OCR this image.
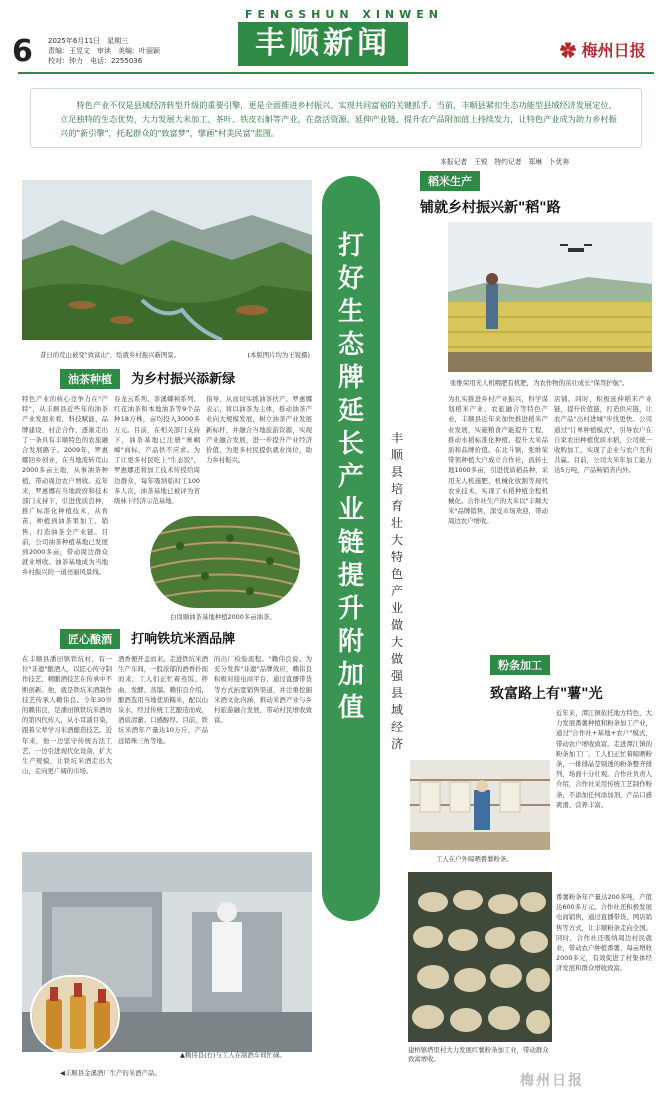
6 2025年6月11日　星期三
责编：王昱文　审读　美编：叶丽颖
校对：钟力　电话：2255036
FENGSHUN XINWEN
丰顺新闻	✿ 梅州日报
特色产业不仅是县域经济转型升级的重要引擎，更是全面推进乡村振兴、实现共同富裕的关键抓手。当前，丰顺县紧扣生态功能型县域经济发展定位，立足独特的生态优势，大力发展大米加工、茶叶、铁皮石斛等产业，在盘活资源、延伸产业链、提升农产品附加值上持续发力，让特色产业成为助力乡村振兴的"新引擎"，托起群众的"致富梦"，擘画"村美民富"蓝图。
本报记者　王锐　特约记者　郑琳　卜优奔
打好生态牌 延长产业链 提升附加值
丰顺县培育壮大特色产业做大做强县域经济
昔日的荒山被变"致富山"，绘就乡村振兴新图景。	(本版图片均为王锐摄)
油茶种植 为乡村振兴添新绿
特色产业的核心竞争力在"产特"，从丰顺县近些年的油茶产业发展来看，科技赋能、品牌建设，村企合作，逐渐走出了一条具有丰顺特色的农旅融合发展路子。2009年，罗惠娜回乡创业，在当地流转荒山2000多亩土地，从事油茶种植，带动周边农户增收。近年来，罗惠娜在当地政府和技术部门支持下，引进优质良种，推广标准化种植技术，从育苗、种植到油茶果加工、销售，打造油茶全产业链。目前，公司油茶种植基地已发展到2000多亩，带动周边群众就业增收。油茶基地成为当地乡村振兴的一道亮丽风景线。
春龙云系列、茶溪蝶秧系列、红花油茶和本地油茶等9个品种18万株，亩均投入3000多万元。目前，在相关部门支持下，油茶基地已注册"寨峒嶂"商标，产品供不应求。为了让更多村民吃上"生态饭"，罗惠娜还将加工技术传授给周边群众，每年吸纳临时工100多人次，油茶基地已被评为省级林下经济示范基地。
指导，从而切实抓油茶扶产。罗惠娜表示，将以油茶为主体，推动油茶产业向大规模发展，树立油茶产业发展新标杆，并融合当地旅游资源，实现产业融合发展，进一步提升产业经济价值，为更多村民提供就业岗位，助力乡村振兴。
白岗顺油茶基地种植2000多亩油茶。
匠心酿酒 打响铁坑米酒品牌
在丰顺县潘田镇铁坑村，有一位"非遗"酿酒人，以匠心传守制作技艺，精酿酒技艺在传承中不断创新。他，就是铁坑米酒制作技艺传承人赖伟良。今年30岁的赖伟良，是潘田镇铁坑米酒坊的第四代传人，从小耳濡目染，跟着父辈学习米酒酿造技艺。近年来，他一边坚守传统古法工艺，一边引进现代化设备，扩大生产规模，让铁坑米酒走出大山，走向更广阔的市场。
酒香便开盖而来。走进铁坑米酒生产车间，一股浓郁的酒香扑面而来，工人们正忙着蒸饭、拌曲、发酵、蒸馏。赖伟良介绍，酿酒选用当地优质糯米，配以山泉水，经过传统工艺酿造而成，酒质清澈、口感醇厚。目前，铁坑米酒年产量达10万斤，产品远销珠三角等地。
的出厂检验流程。"赖伟良说。为充分发挥"非遗"品牌效应，赖伟良积极对接电商平台，通过直播带货等方式拓宽销售渠道，并注重挖掘米酒文化内涵，推动米酒产业与乡村旅游融合发展，带动村民增收致富。
▲赖伟良(右)与工人在制酒车间忙碌。
◀丰顺县金溪酒厂生产的米酒产品。
稻米生产
铺就乡村振兴新"稻"路
张维荣用无人机喂肥有机肥，为农作物的茁壮成长"保驾护航"。
为扎实推进乡村产业振兴，科学谋划稻米产业，农旅融合等特色产业，丰顺县近年来加快推进稻米产业发展，实施粮食产能提升工程，推动水稻标准化种植，提升大米品质和品牌价值。在北斗镇，张维荣带领种植大户成立合作社，流转土地1000多亩，引进优质稻品种，采用无人机施肥、机械化收割等现代农业技术，实现了水稻种植全程机械化。合作社生产的大米以"丰顺大米"品牌销售，深受市场欢迎，带动周边农户增收。
店铺。同时，积极延伸稻米产业链，提升价值链，打造供应链，让农产品"出村进城"步伐更快。公司通过"订单种植模式"，引导农户在自家农田种植优质水稻，公司统一收购加工，实现了企业与农户互利共赢。目前，公司大米年加工能力达5万吨，产品畅销省内外。
粉条加工
致富路上有"薯"光
近年来，潭江镇依托地方特色，大力发展番薯种植和粉条加工产业，通过"合作社+基地+农户"模式，带动农户增收致富。走进潭江镇的粉条加工厂，工人们正忙着晾晒粉条，一排排晶莹剔透的粉条整齐排列，场面十分壮观。合作社负责人介绍，合作社采用传统工艺制作粉条，不添加任何添加剂，产品口感爽滑、营养丰富。
工人在户外晾晒番薯粉条。
番薯粉条年产量达200多吨，产值达600多万元。合作社还积极发展电商销售，通过直播带货、网店销售等方式，让丰顺粉条走向全国。同时，合作社还吸纳周边村民就业，带动农户种植番薯，每亩增收2000多元，有效促进了村集体经济发展和群众增收致富。
建桥镇塔里村大力发展红薯粉条加工业，带动群众致富增收。
梅州日报
